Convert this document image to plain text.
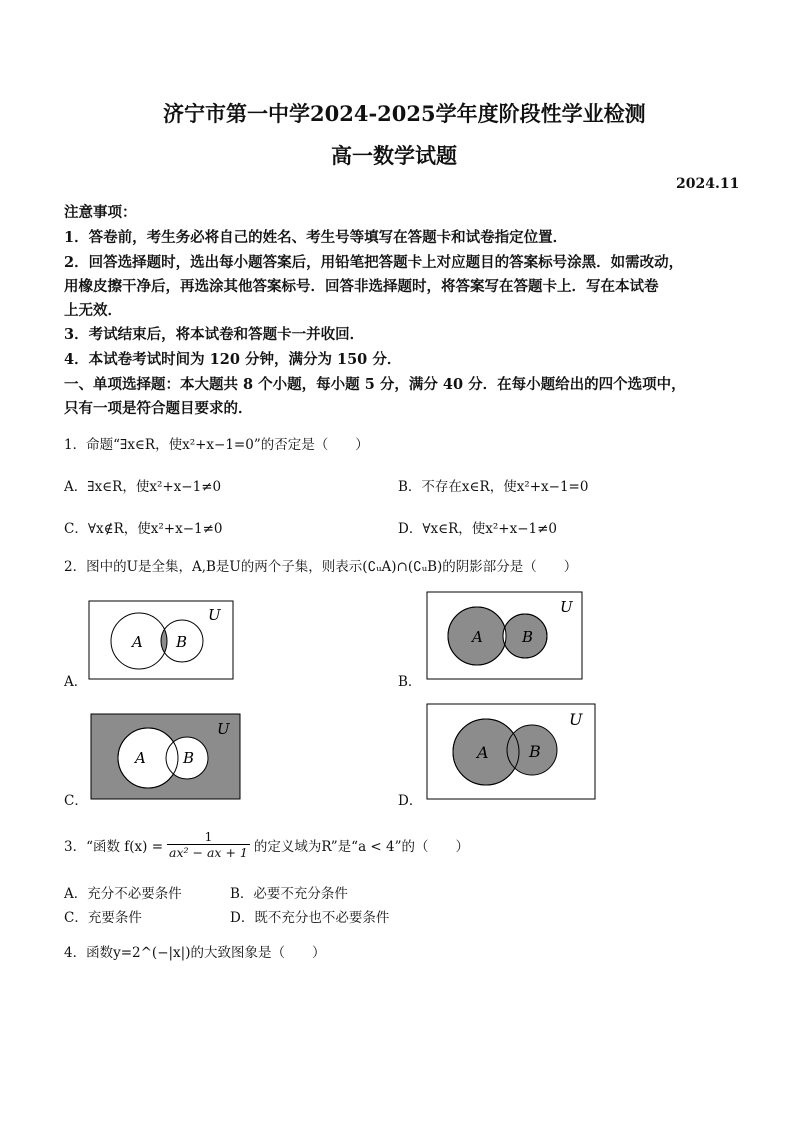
济宁市第一中学2024-2025学年度阶段性学业检测
高一数学试题
2024.11
注意事项：
1．答卷前，考生务必将自己的姓名、考生号等填写在答题卡和试卷指定位置．
2．回答选择题时，选出每小题答案后，用铅笔把答题卡上对应题目的答案标号涂黑．如需改动，
用橡皮擦干净后，再选涂其他答案标号．回答非选择题时，将答案写在答题卡上．写在本试卷
上无效．
3．考试结束后，将本试卷和答题卡一并收回．
4．本试卷考试时间为 120 分钟，满分为 150 分．
一、单项选择题：本大题共 8 个小题，每小题 5 分，满分 40 分．在每小题给出的四个选项中，
只有一项是符合题目要求的．
1．命题“∃x∈R，使x²+x−1=0”的否定是（　　）
A．∃x∈R，使x²+x−1≠0	B．不存在x∈R，使x²+x−1=0
C．∀x∉R，使x²+x−1≠0	D．∀x∈R，使x²+x−1≠0
2．图中的U是全集，A,B是U的两个子集，则表示(∁ᵤA)∩(∁ᵤB)的阴影部分是（　　）
U
A B
A．
U
A	B
B．
U
A B
C．
U
A	B
D．
3．“函数 f(x) =
1
ax² − ax + 1 的定义域为R”是“a < 4”的（　　）
A．充分不必要条件	B．必要不充分条件
C．充要条件	D．既不充分也不必要条件
4．函数y=2^(−|x|)的大致图象是（　　）
